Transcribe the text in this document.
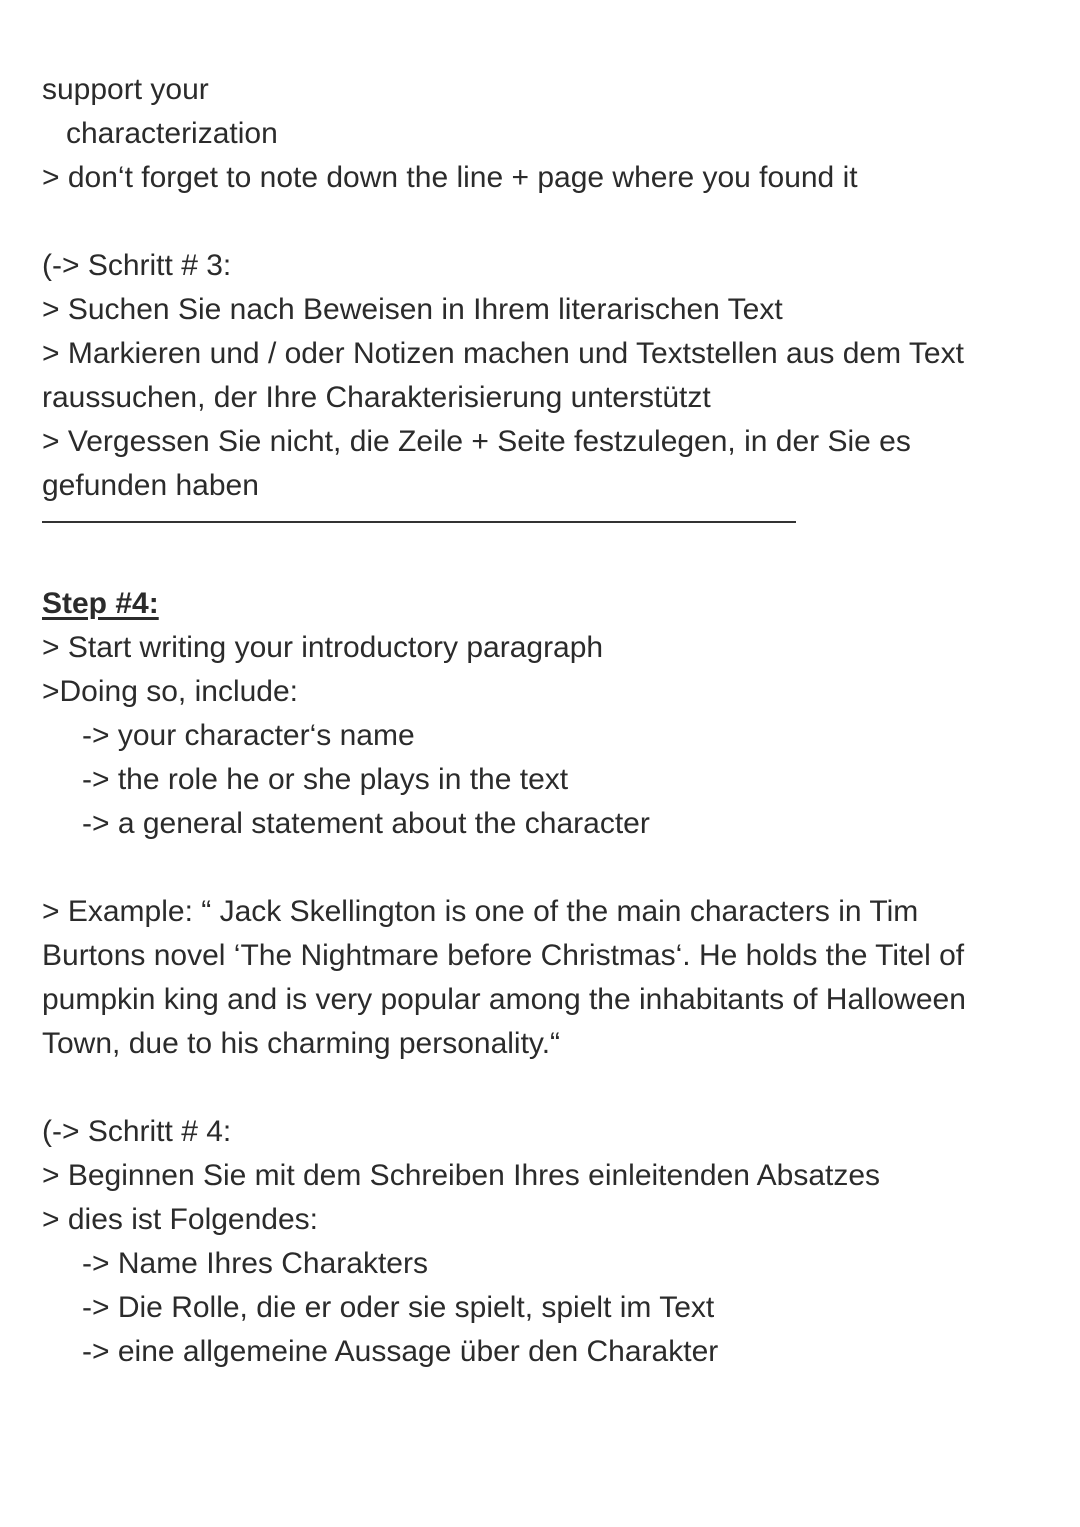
support your
characterization
> don‘t forget to note down the line + page where you found it
(-> Schritt # 3:
> Suchen Sie nach Beweisen in Ihrem literarischen Text
> Markieren und / oder Notizen machen und Textstellen aus dem Text
raussuchen, der Ihre Charakterisierung unterstützt
> Vergessen Sie nicht, die Zeile + Seite festzulegen, in der Sie es
gefunden haben
Step #4:
> Start writing your introductory paragraph
>Doing so, include:
-> your character‘s name
-> the role he or she plays in the text
-> a general statement about the character
> Example: “ Jack Skellington is one of the main characters in Tim
Burtons novel ‘The Nightmare before Christmas‘. He holds the Titel of
pumpkin king and is very popular among the inhabitants of Halloween
Town, due to his charming personality.“
(-> Schritt # 4:
> Beginnen Sie mit dem Schreiben Ihres einleitenden Absatzes
> dies ist Folgendes:
-> Name Ihres Charakters
-> Die Rolle, die er oder sie spielt, spielt im Text
-> eine allgemeine Aussage über den Charakter
